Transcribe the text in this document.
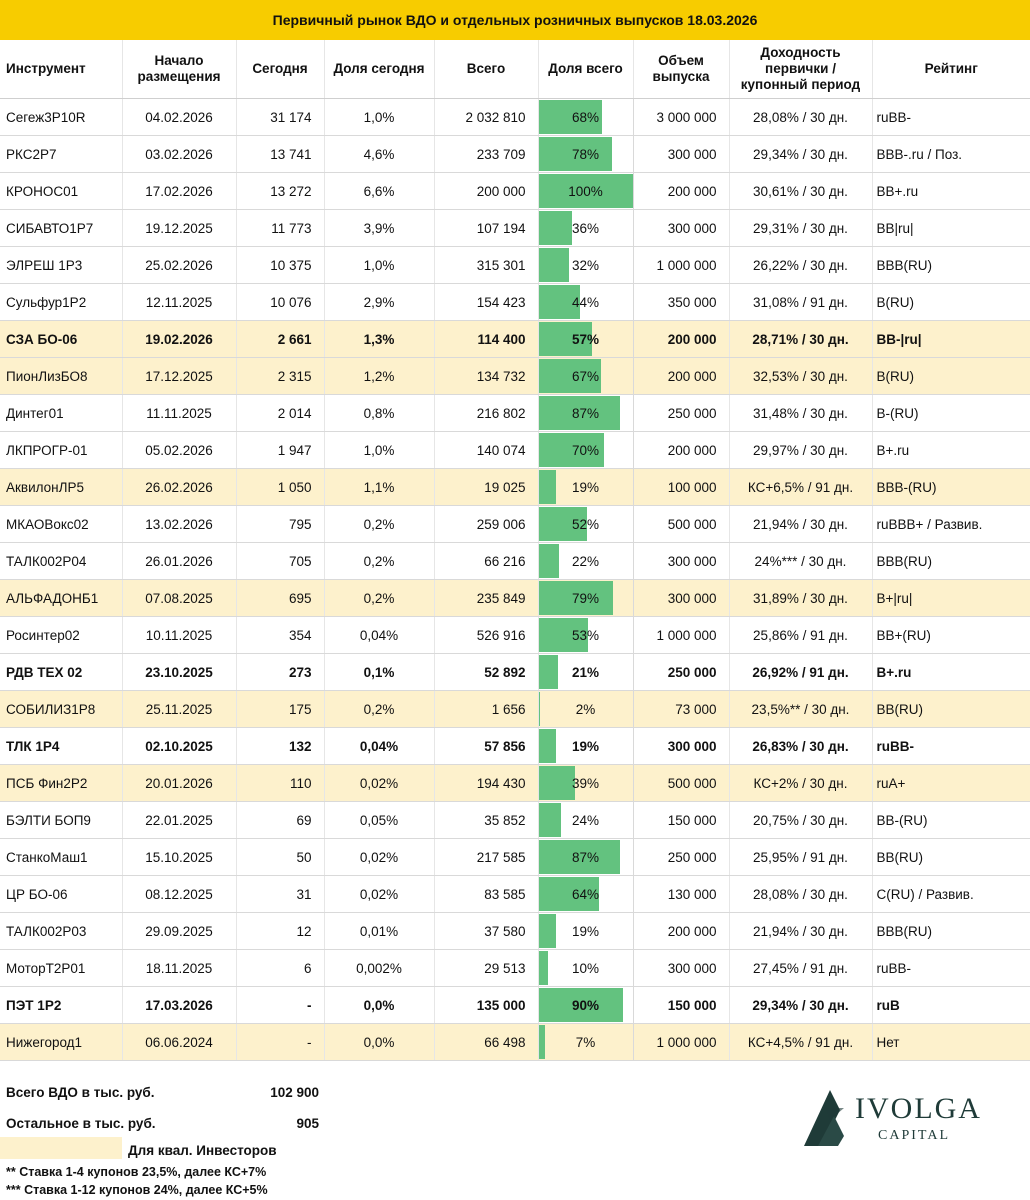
Первичный рынок ВДО и отдельных розничных выпусков 18.03.2026
Инструмент	Начало размещения	Сегодня	Доля сегодня	Всего	Доля всего	Объем выпуска	Доходность первички / купонный период	Рейтинг
Сегеж3Р10R	04.02.2026	31 174	1,0%	2 032 810	68%	3 000 000	28,08% / 30 дн.	ruBB-
РКС2Р7	03.02.2026	13 741	4,6%	233 709	78%	300 000	29,34% / 30 дн.	BBB-.ru / Поз.
КРОНОС01	17.02.2026	13 272	6,6%	200 000	100%	200 000	30,61% / 30 дн.	BB+.ru
СИБАВТО1Р7	19.12.2025	11 773	3,9%	107 194	36%	300 000	29,31% / 30 дн.	BB|ru|
ЭЛРЕШ 1Р3	25.02.2026	10 375	1,0%	315 301	32%	1 000 000	26,22% / 30 дн.	BBB(RU)
Сульфур1Р2	12.11.2025	10 076	2,9%	154 423	44%	350 000	31,08% / 91 дн.	B(RU)
СЗА БО-06	19.02.2026	2 661	1,3%	114 400	57%	200 000	28,71% / 30 дн.	BB-|ru|
ПионЛизБО8	17.12.2025	2 315	1,2%	134 732	67%	200 000	32,53% / 30 дн.	B(RU)
Динтег01	11.11.2025	2 014	0,8%	216 802	87%	250 000	31,48% / 30 дн.	B-(RU)
ЛКПРОГР-01	05.02.2026	1 947	1,0%	140 074	70%	200 000	29,97% / 30 дн.	B+.ru
АквилонЛР5	26.02.2026	1 050	1,1%	19 025	19%	100 000	КС+6,5% / 91 дн.	BBB-(RU)
МКАОВокс02	13.02.2026	795	0,2%	259 006	52%	500 000	21,94% / 30 дн.	ruBBB+ / Развив.
ТАЛК002Р04	26.01.2026	705	0,2%	66 216	22%	300 000	24%*** / 30 дн.	BBB(RU)
АЛЬФАДОНБ1	07.08.2025	695	0,2%	235 849	79%	300 000	31,89% / 30 дн.	B+|ru|
Росинтер02	10.11.2025	354	0,04%	526 916	53%	1 000 000	25,86% / 91 дн.	BB+(RU)
РДВ ТЕХ 02	23.10.2025	273	0,1%	52 892	21%	250 000	26,92% / 91 дн.	B+.ru
СОБИЛИЗ1Р8	25.11.2025	175	0,2%	1 656	2%	73 000	23,5%** / 30 дн.	BB(RU)
ТЛК 1Р4	02.10.2025	132	0,04%	57 856	19%	300 000	26,83% / 30 дн.	ruBB-
ПСБ Фин2Р2	20.01.2026	110	0,02%	194 430	39%	500 000	КС+2% / 30 дн.	ruA+
БЭЛТИ БОП9	22.01.2025	69	0,05%	35 852	24%	150 000	20,75% / 30 дн.	BB-(RU)
СтанкоМаш1	15.10.2025	50	0,02%	217 585	87%	250 000	25,95% / 91 дн.	BB(RU)
ЦР БО-06	08.12.2025	31	0,02%	83 585	64%	130 000	28,08% / 30 дн.	C(RU) / Развив.
ТАЛК002Р03	29.09.2025	12	0,01%	37 580	19%	200 000	21,94% / 30 дн.	BBB(RU)
МоторТ2Р01	18.11.2025	6	0,002%	29 513	10%	300 000	27,45% / 91 дн.	ruBB-
ПЭТ 1Р2	17.03.2026	-	0,0%	135 000	90%	150 000	29,34% / 30 дн.	ruB
Нижегород1	06.06.2024	-	0,0%	66 498	7%	1 000 000	КС+4,5% / 91 дн.	Нет
Всего ВДО в тыс. руб.	102 900
Остальное в тыс. руб.	905
Для квал. Инвесторов
** Ставка 1-4 купонов 23,5%, далее КС+7%
*** Ставка 1-12 купонов 24%, далее КС+5%
IVOLGA
CAPITAL
